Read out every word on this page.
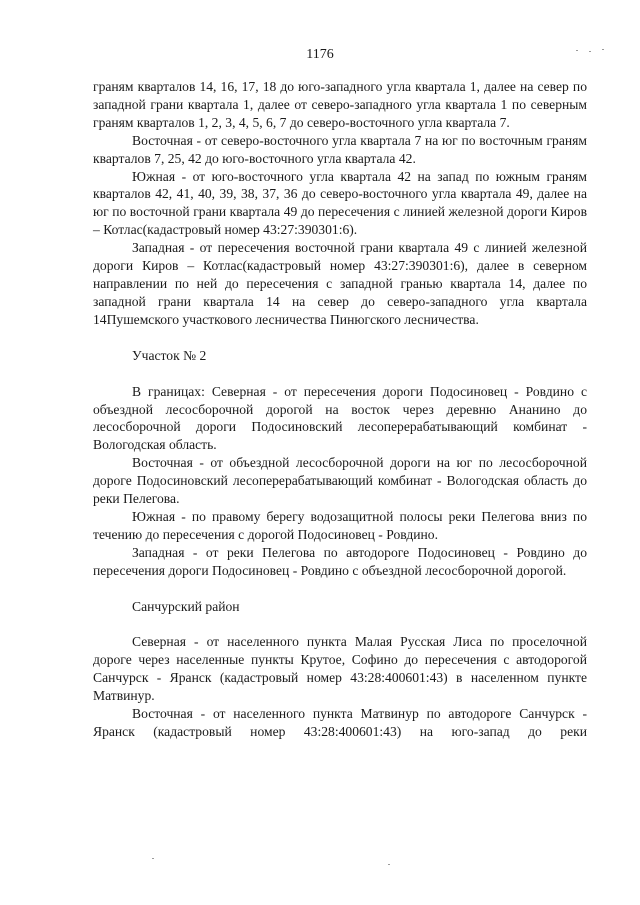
1176

граням кварталов 14, 16, 17, 18 до юго-западного угла квартала 1, далее на север по западной грани квартала 1, далее от северо-западного угла квартала 1 по северным граням кварталов 1, 2, 3, 4, 5, 6, 7 до северо-восточного угла квартала 7.

Восточная - от северо-восточного угла квартала 7 на юг по восточным граням кварталов 7, 25, 42 до юго-восточного угла квартала 42.

Южная - от юго-восточного угла квартала 42 на запад по южным граням кварталов 42, 41, 40, 39, 38, 37, 36 до северо-восточного угла квартала 49, далее на юг по восточной грани квартала 49 до пересечения с линией железной дороги Киров – Котлас(кадастровый номер 43:27:390301:6).

Западная - от пересечения восточной грани квартала 49 с линией железной дороги Киров – Котлас(кадастровый номер 43:27:390301:6), далее в северном направлении по ней до пересечения с западной гранью квартала 14, далее по западной грани квартала 14 на север до северо-западного угла квартала 14Пушемского участкового лесничества Пинюгского лесничества.

Участок № 2

В границах: Северная - от пересечения дороги Подосиновец - Ровдино с объездной лесосборочной дорогой на восток через деревню Ананино до лесосборочной дороги Подосиновский лесоперерабатывающий комбинат - Вологодская область.

Восточная - от объездной лесосборочной дороги на юг по лесосборочной дороге Подосиновский лесоперерабатывающий комбинат - Вологодская область до реки Пелегова.

Южная - по правому берегу водозащитной полосы реки Пелегова вниз по течению до пересечения с дорогой Подосиновец - Ровдино.

Западная - от реки Пелегова по автодороге Подосиновец - Ровдино до пересечения дороги Подосиновец - Ровдино с объездной лесосборочной дорогой.

Санчурский район

Северная - от населенного пункта Малая Русская Лиса по проселочной дороге через населенные пункты Крутое, Софино до пересечения с автодорогой Санчурск - Яранск (кадастровый номер 43:28:400601:43) в населенном пункте Матвинур.

Восточная - от населенного пункта Матвинур по автодороге Санчурск - Яранск (кадастровый номер 43:28:400601:43) на юго-запад до реки
